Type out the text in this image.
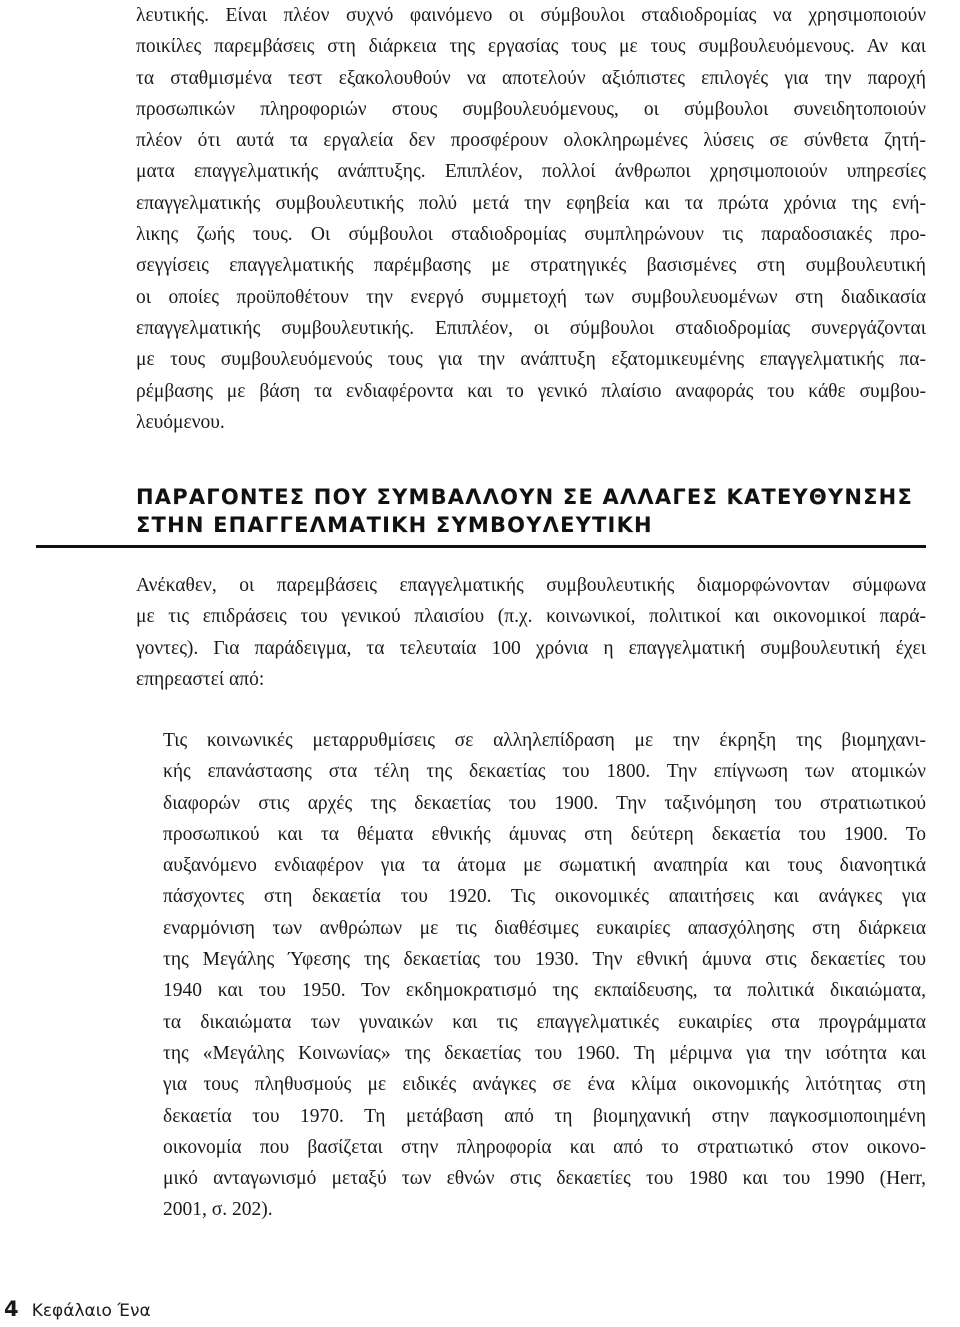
λευτικής. Είναι πλέον συχνό φαινόμενο οι σύμβουλοι σταδιοδρομίας να χρησιμοποιούν
ποικίλες παρεμβάσεις στη διάρκεια της εργασίας τους με τους συμβουλευόμενους. Αν και
τα σταθμισμένα τεστ εξακολουθούν να αποτελούν αξιόπιστες επιλογές για την παροχή
προσωπικών πληροφοριών στους συμβουλευόμενους, οι σύμβουλοι συνειδητοποιούν
πλέον ότι αυτά τα εργαλεία δεν προσφέρουν ολοκληρωμένες λύσεις σε σύνθετα ζητή-
ματα επαγγελματικής ανάπτυξης. Επιπλέον, πολλοί άνθρωποι χρησιμοποιούν υπηρεσίες
επαγγελματικής συμβουλευτικής πολύ μετά την εφηβεία και τα πρώτα χρόνια της ενή-
λικης ζωής τους. Οι σύμβουλοι σταδιοδρομίας συμπληρώνουν τις παραδοσιακές προ-
σεγγίσεις επαγγελματικής παρέμβασης με στρατηγικές βασισμένες στη συμβουλευτική
οι οποίες προϋποθέτουν την ενεργό συμμετοχή των συμβουλευομένων στη διαδικασία
επαγγελματικής συμβουλευτικής. Επιπλέον, οι σύμβουλοι σταδιοδρομίας συνεργάζονται
με τους συμβουλευόμενούς τους για την ανάπτυξη εξατομικευμένης επαγγελματικής πα-
ρέμβασης με βάση τα ενδιαφέροντα και το γενικό πλαίσιο αναφοράς του κάθε συμβου-
λευόμενου.
ΠΑΡΑΓΟΝΤΕΣ ΠΟΥ ΣΥΜΒΑΛΛΟΥΝ ΣΕ ΑΛΛΑΓΕΣ ΚΑΤΕΥΘΥΝΣΗΣ
ΣΤΗΝ ΕΠΑΓΓΕΛΜΑΤΙΚΗ ΣΥΜΒΟΥΛΕΥΤΙΚΗ
Ανέκαθεν, οι παρεμβάσεις επαγγελματικής συμβουλευτικής διαμορφώνονταν σύμφωνα
με τις επιδράσεις του γενικού πλαισίου (π.χ. κοινωνικοί, πολιτικοί και οικονομικοί παρά-
γοντες). Για παράδειγμα, τα τελευταία 100 χρόνια η επαγγελματική συμβουλευτική έχει
επηρεαστεί από:
Τις κοινωνικές μεταρρυθμίσεις σε αλληλεπίδραση με την έκρηξη της βιομηχανι-
κής επανάστασης στα τέλη της δεκαετίας του 1800. Την επίγνωση των ατομικών
διαφορών στις αρχές της δεκαετίας του 1900. Την ταξινόμηση του στρατιωτικού
προσωπικού και τα θέματα εθνικής άμυνας στη δεύτερη δεκαετία του 1900. Το
αυξανόμενο ενδιαφέρον για τα άτομα με σωματική αναπηρία και τους διανοητικά
πάσχοντες στη δεκαετία του 1920. Τις οικονομικές απαιτήσεις και ανάγκες για
εναρμόνιση των ανθρώπων με τις διαθέσιμες ευκαιρίες απασχόλησης στη διάρκεια
της Μεγάλης Ύφεσης της δεκαετίας του 1930. Την εθνική άμυνα στις δεκαετίες του
1940 και του 1950. Τον εκδημοκρατισμό της εκπαίδευσης, τα πολιτικά δικαιώματα,
τα δικαιώματα των γυναικών και τις επαγγελματικές ευκαιρίες στα προγράμματα
της «Μεγάλης Κοινωνίας» της δεκαετίας του 1960. Τη μέριμνα για την ισότητα και
για τους πληθυσμούς με ειδικές ανάγκες σε ένα κλίμα οικονομικής λιτότητας στη
δεκαετία του 1970. Τη μετάβαση από τη βιομηχανική στην παγκοσμιοποιημένη
οικονομία που βασίζεται στην πληροφορία και από το στρατιωτικό στον οικονο-
μικό ανταγωνισμό μεταξύ των εθνών στις δεκαετίες του 1980 και του 1990 (Herr,
2001, σ. 202).
4 Κεφάλαιο Ένα
